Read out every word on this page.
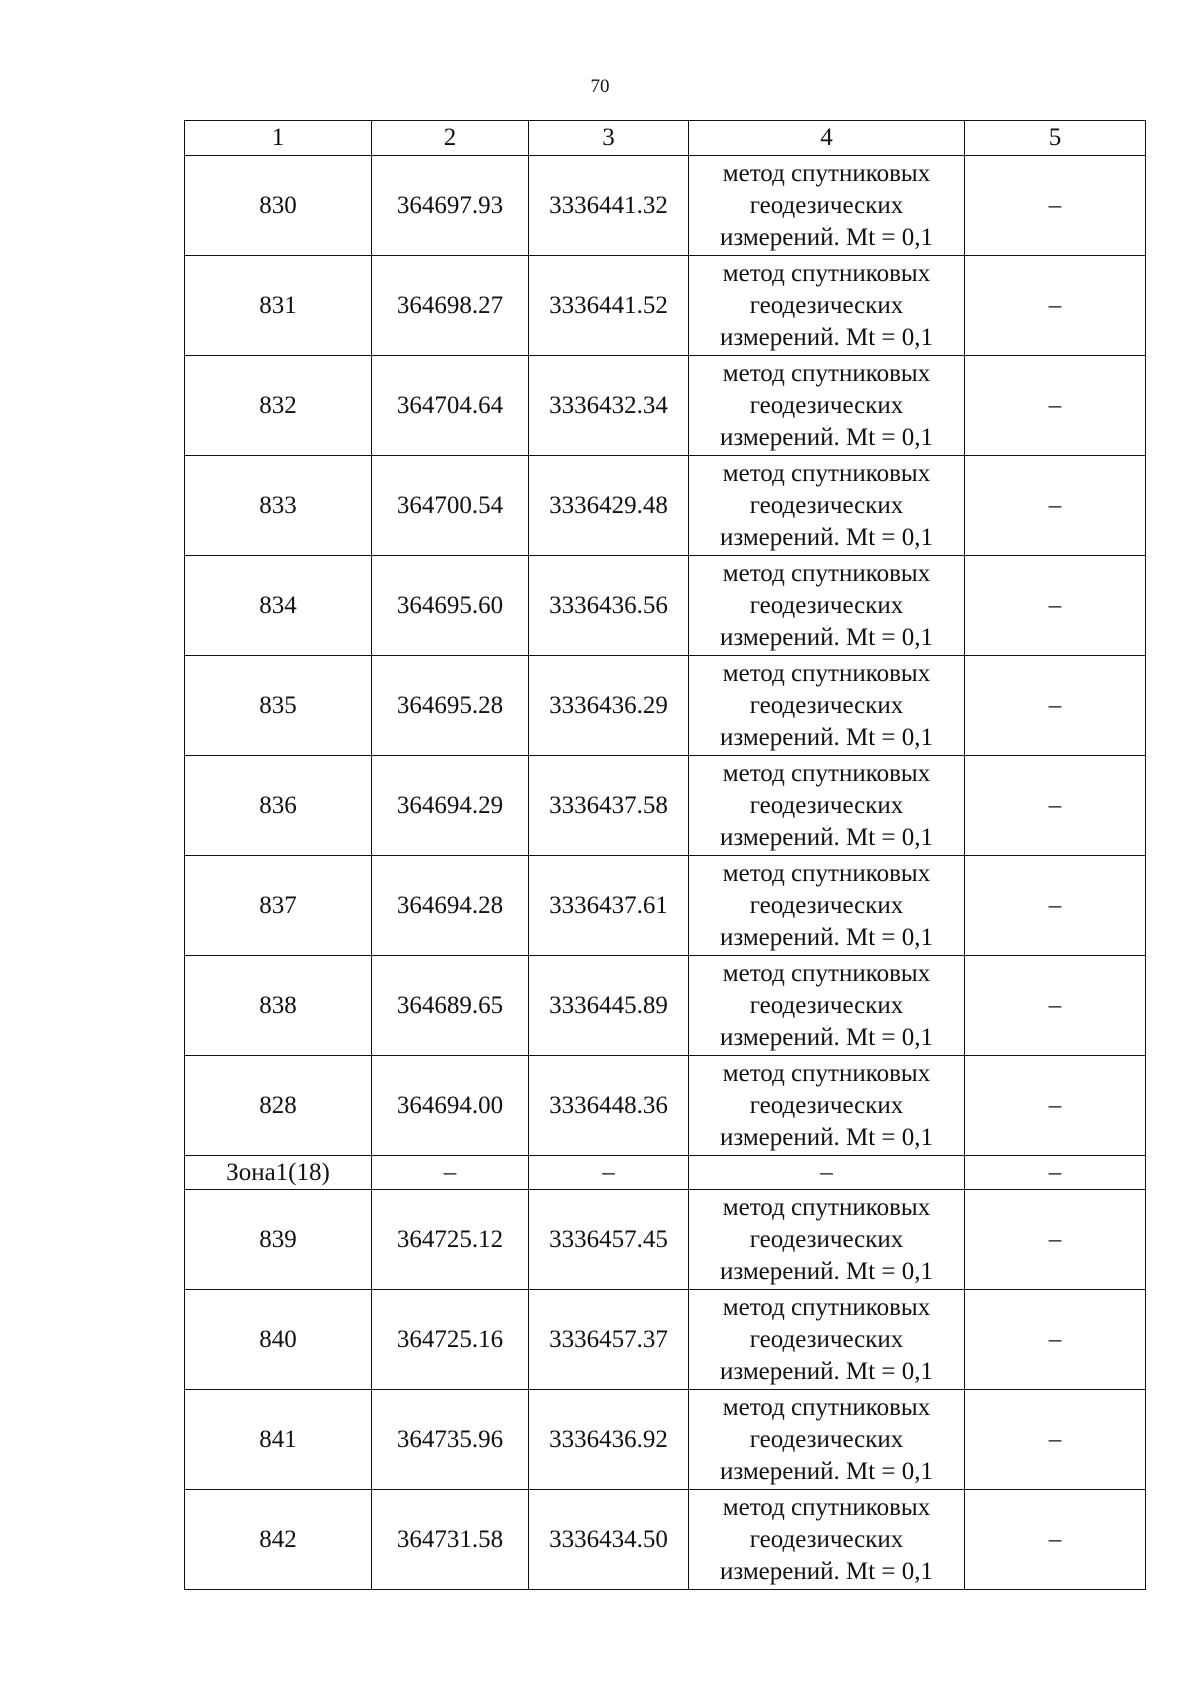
70
1	2	3	4	5
830	364697.93	3336441.32	метод спутниковых
геодезических
измерений. Mt = 0,1	–
831	364698.27	3336441.52	метод спутниковых
геодезических
измерений. Mt = 0,1	–
832	364704.64	3336432.34	метод спутниковых
геодезических
измерений. Mt = 0,1	–
833	364700.54	3336429.48	метод спутниковых
геодезических
измерений. Mt = 0,1	–
834	364695.60	3336436.56	метод спутниковых
геодезических
измерений. Mt = 0,1	–
835	364695.28	3336436.29	метод спутниковых
геодезических
измерений. Mt = 0,1	–
836	364694.29	3336437.58	метод спутниковых
геодезических
измерений. Mt = 0,1	–
837	364694.28	3336437.61	метод спутниковых
геодезических
измерений. Mt = 0,1	–
838	364689.65	3336445.89	метод спутниковых
геодезических
измерений. Mt = 0,1	–
828	364694.00	3336448.36	метод спутниковых
геодезических
измерений. Mt = 0,1	–
Зона1(18)	–	–	–	–
839	364725.12	3336457.45	метод спутниковых
геодезических
измерений. Mt = 0,1	–
840	364725.16	3336457.37	метод спутниковых
геодезических
измерений. Mt = 0,1	–
841	364735.96	3336436.92	метод спутниковых
геодезических
измерений. Mt = 0,1	–
842	364731.58	3336434.50	метод спутниковых
геодезических
измерений. Mt = 0,1	–
